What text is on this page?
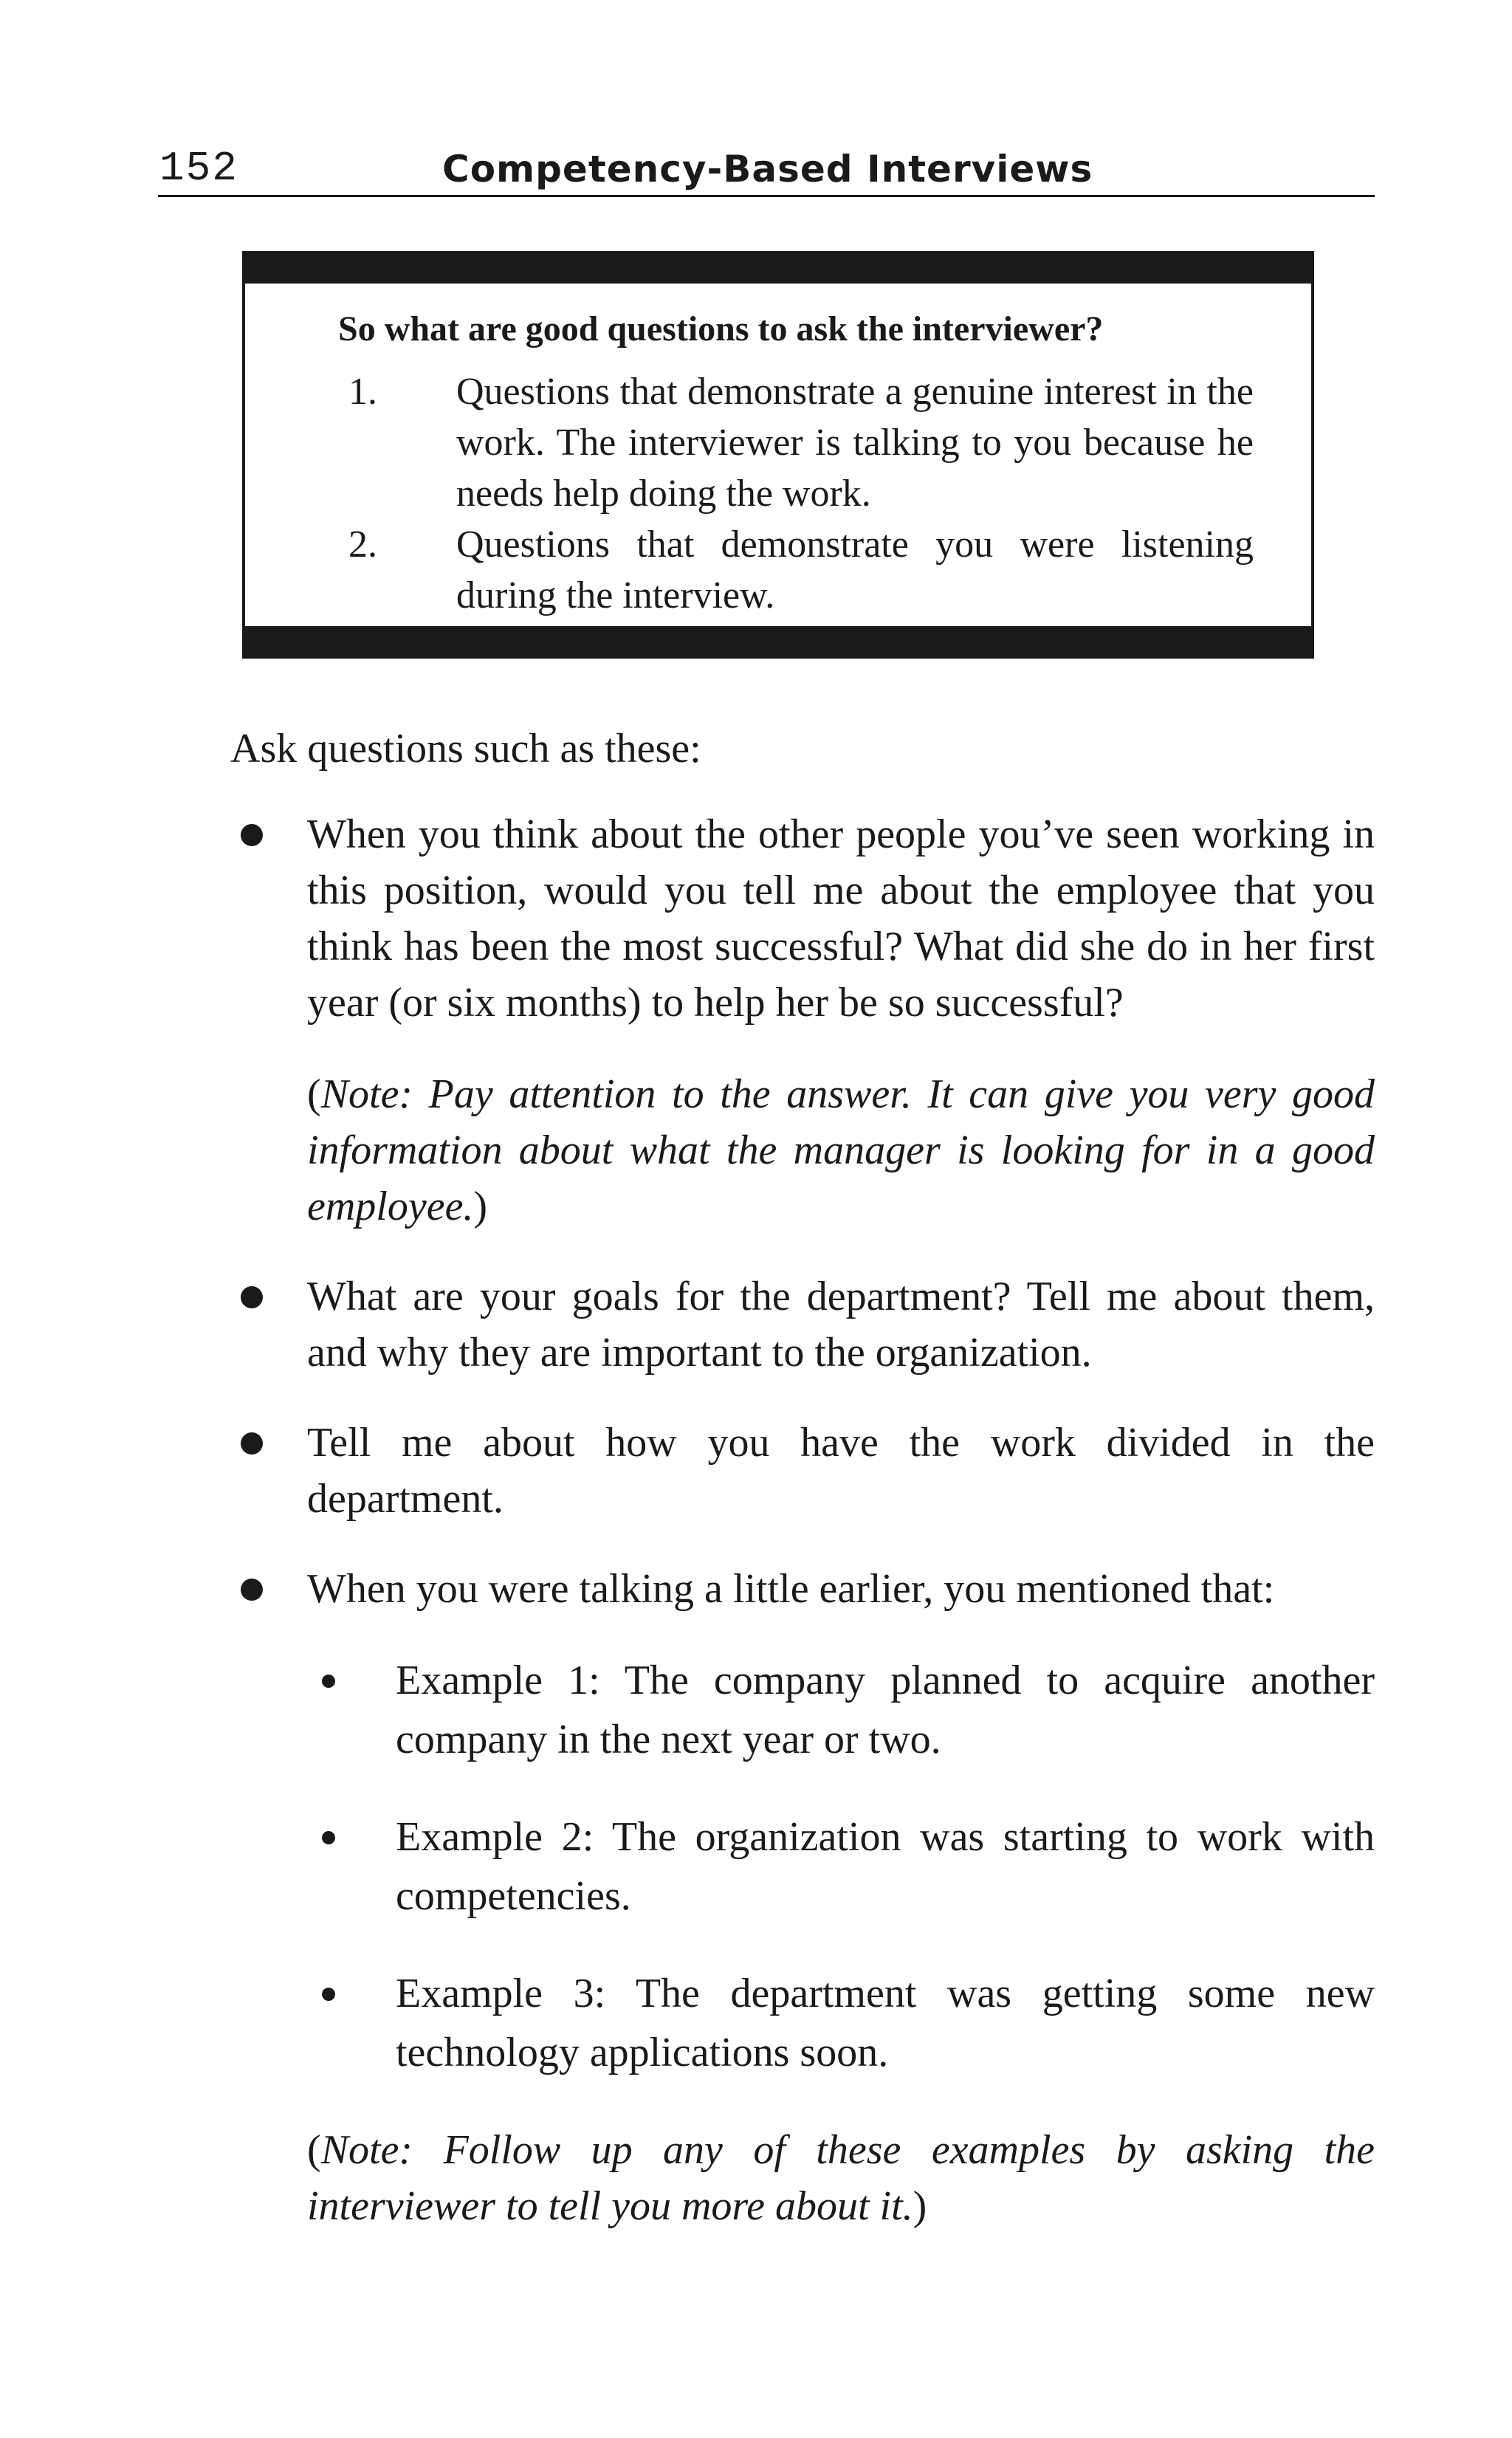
152	Competency-Based Interviews
So what are good questions to ask the interviewer?
1. Questions that demonstrate a genuine interest in the work. The interviewer is talking to you because he needs help doing the work.
2. Questions that demonstrate you were listening during the interview.
Ask questions such as these:
When you think about the other people you’ve seen working in this position, would you tell me about the employee that you think has been the most successful? What did she do in her first year (or six months) to help her be so successful?
(Note: Pay attention to the answer. It can give you very good information about what the manager is looking for in a good employee.)
What are your goals for the department? Tell me about them, and why they are important to the organization.
Tell me about how you have the work divided in the department.
When you were talking a little earlier, you mentioned that:
Example 1: The company planned to acquire another company in the next year or two.
Example 2: The organization was starting to work with competencies.
Example 3: The department was getting some new technology applications soon.
(Note: Follow up any of these examples by asking the interviewer to tell you more about it.)
